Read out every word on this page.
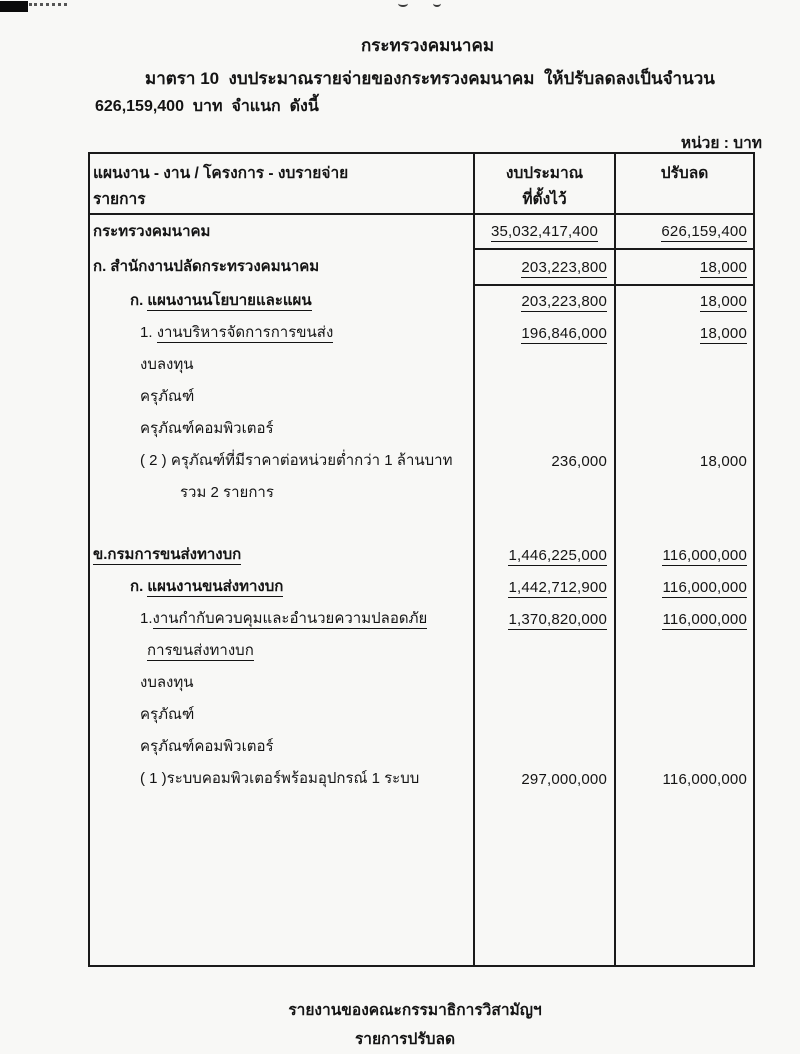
กระทรวงคมนาคม
มาตรา 10  งบประมาณรายจ่ายของกระทรวงคมนาคม  ให้ปรับลดลงเป็นจำนวน
626,159,400  บาท  จำแนก  ดังนี้
หน่วย : บาท
แผนงาน - งาน / โครงการ - งบรายจ่าย
รายการ

งบประมาณ
ที่ตั้งไว้

ปรับลด

กระทรวงคมนาคม	35,032,417,400	626,159,400
ก. สำนักงานปลัดกระทรวงคมนาคม	203,223,800	18,000
ก. แผนงานนโยบายและแผน	203,223,800	18,000
1. งานบริหารจัดการการขนส่ง	196,846,000	18,000
งบลงทุน		
ครุภัณฑ์		
ครุภัณฑ์คอมพิวเตอร์		
( 2 ) ครุภัณฑ์ที่มีราคาต่อหน่วยต่ำกว่า 1 ล้านบาท	236,000	18,000
รวม 2 รายการ		

ข.กรมการขนส่งทางบก	1,446,225,000	116,000,000
ก. แผนงานขนส่งทางบก	1,442,712,900	116,000,000
1.งานกำกับควบคุมและอำนวยความปลอดภัย	1,370,820,000	116,000,000
การขนส่งทางบก		
งบลงทุน		
ครุภัณฑ์		
ครุภัณฑ์คอมพิวเตอร์		
( 1 )ระบบคอมพิวเตอร์พร้อมอุปกรณ์ 1 ระบบ	297,000,000	116,000,000

รายงานของคณะกรรมาธิการวิสามัญฯ
รายการปรับลด
